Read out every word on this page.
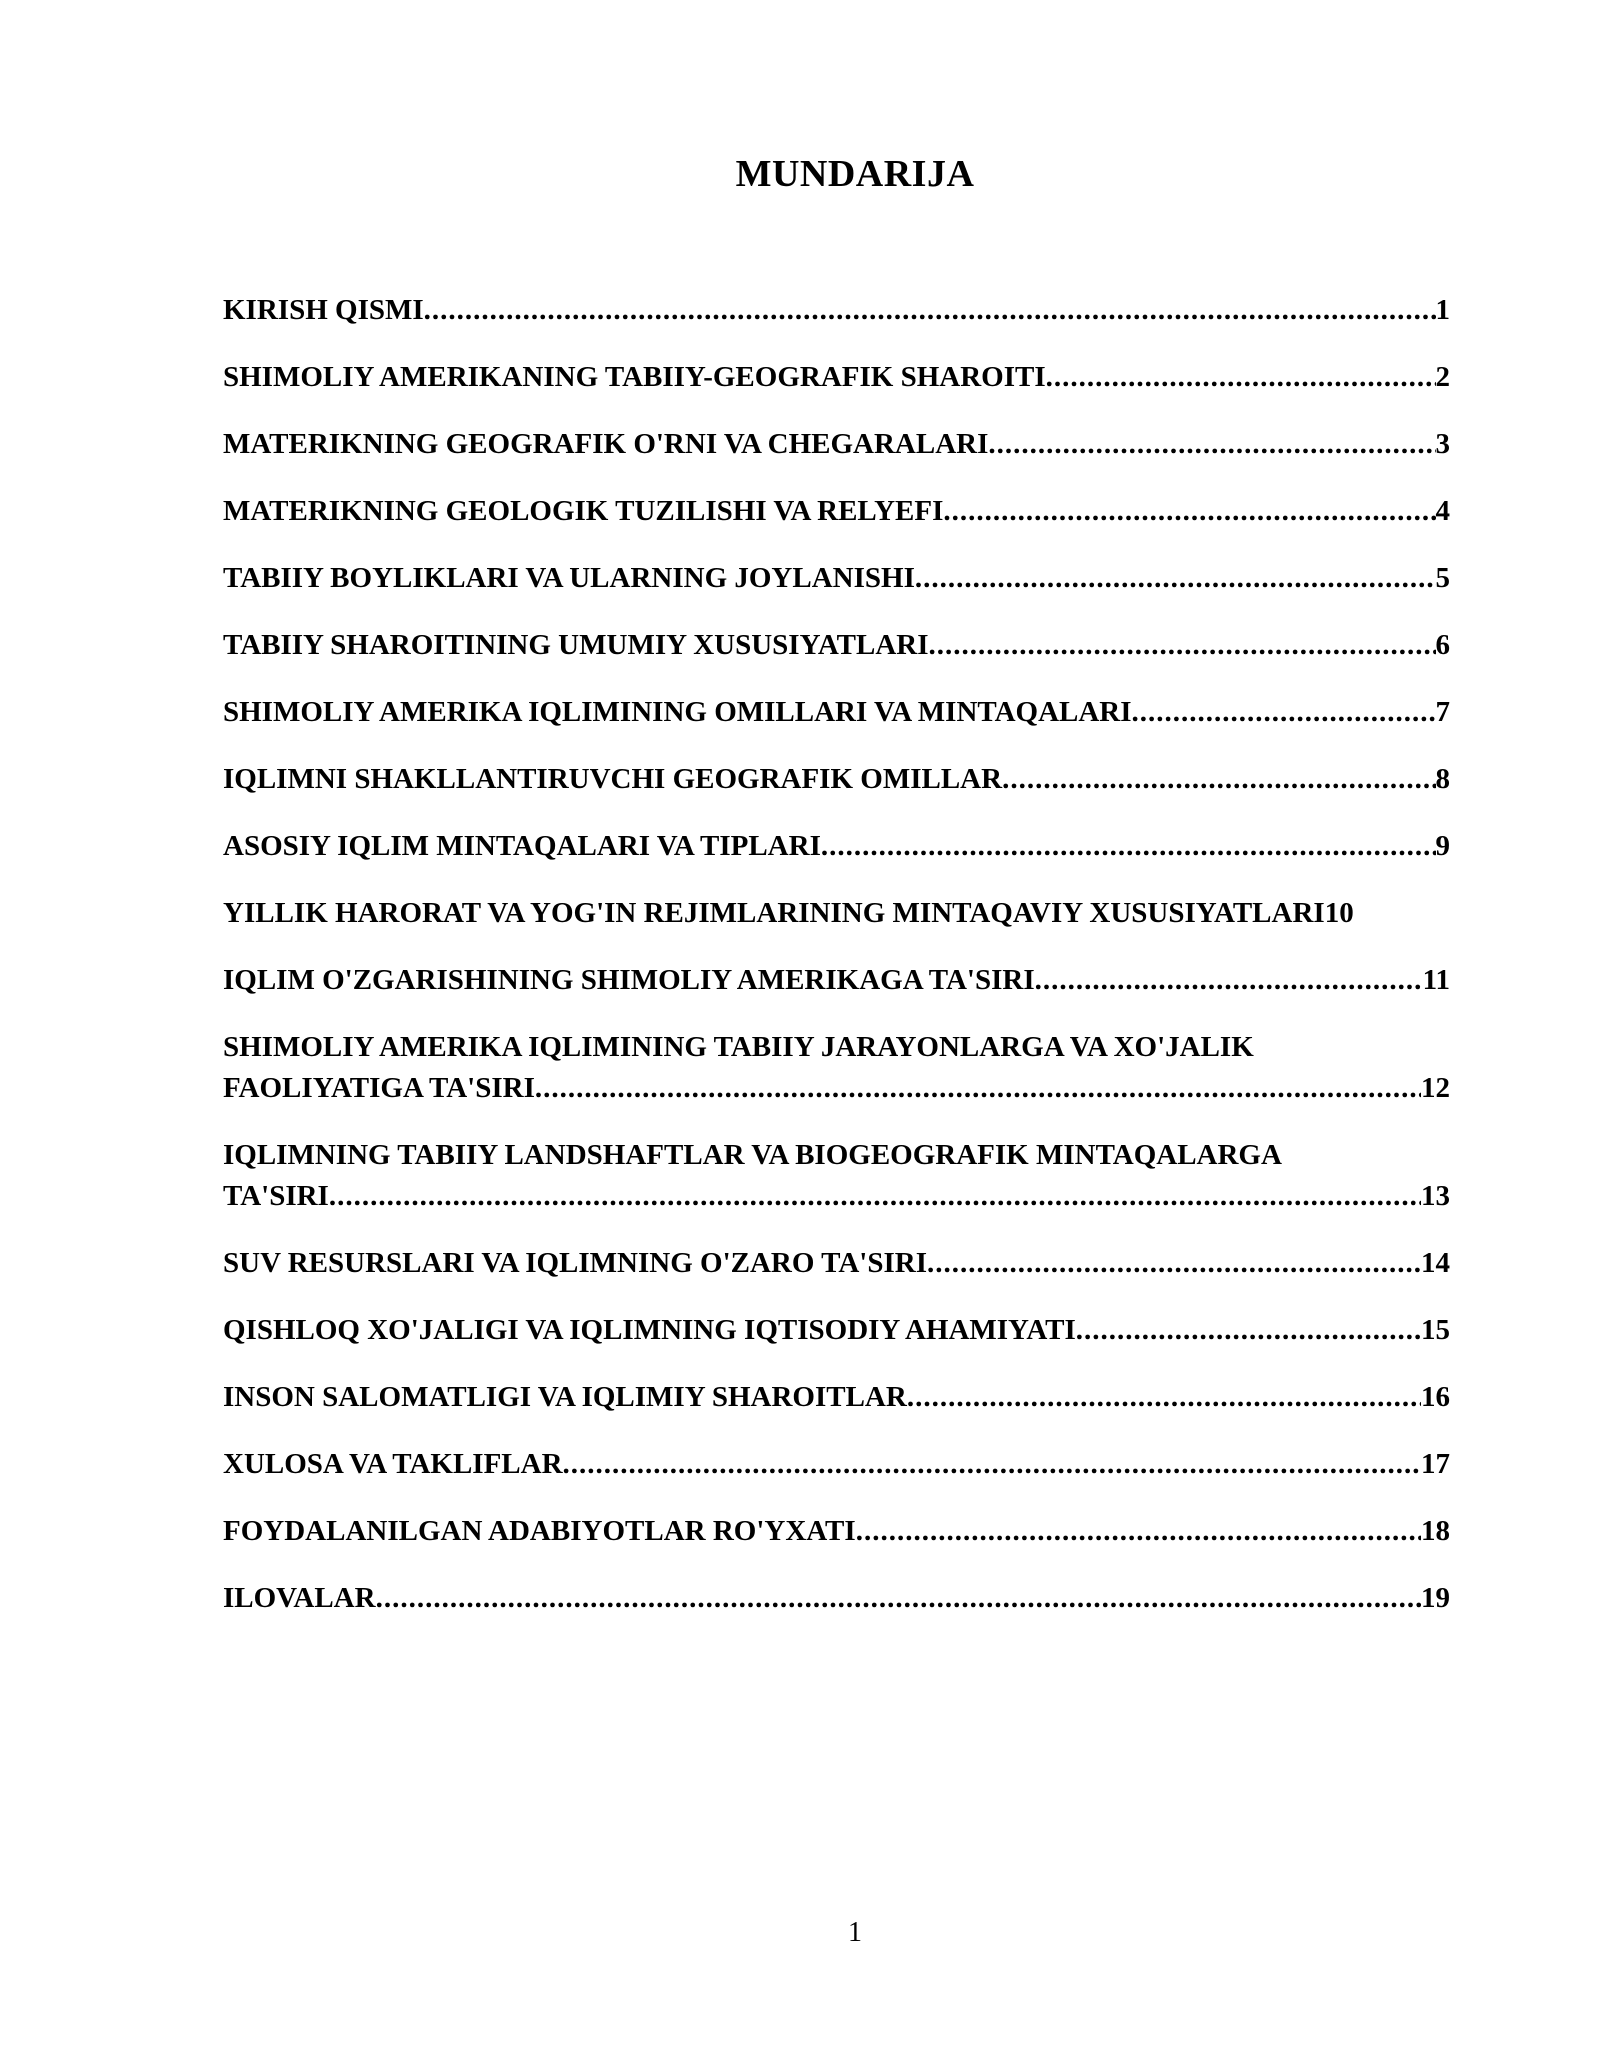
MUNDARIJA
KIRISH QISMI .....	1
SHIMOLIY AMERIKANING TABIIY-GEOGRAFIK SHAROITI .....	2
MATERIKNING GEOGRAFIK O'RNI VA CHEGARALARI .....	3
MATERIKNING GEOLOGIK TUZILISHI VA RELYEFI .....	4
TABIIY BOYLIKLARI VA ULARNING JOYLANISHI .....	5
TABIIY SHAROITINING UMUMIY XUSUSIYATLARI .....	6
SHIMOLIY AMERIKA IQLIMINING OMILLARI VA MINTAQALARI .....	7
IQLIMNI SHAKLLANTIRUVCHI GEOGRAFIK OMILLAR .....	8
ASOSIY IQLIM MINTAQALARI VA TIPLARI .....	9
YILLIK HARORAT VA YOG'IN REJIMLARINING MINTAQAVIY XUSUSIYATLARI 10
IQLIM O'ZGARISHINING SHIMOLIY AMERIKAGA TA'SIRI .....	11
SHIMOLIY AMERIKA IQLIMINING TABIIY JARAYONLARGA VA XO'JALIK
FAOLIYATIGA TA'SIRI .....	12
IQLIMNING TABIIY LANDSHAFTLAR VA BIOGEOGRAFIK MINTAQALARGA
TA'SIRI .....	13
SUV RESURSLARI VA IQLIMNING O'ZARO TA'SIRI .....	14
QISHLOQ XO'JALIGI VA IQLIMNING IQTISODIY AHAMIYATI .....	15
INSON SALOMATLIGI VA IQLIMIY SHAROITLAR .....	16
XULOSA VA TAKLIFLAR .....	17
FOYDALANILGAN ADABIYOTLAR RO'YXATI .....	18
ILOVALAR .....	19
1
